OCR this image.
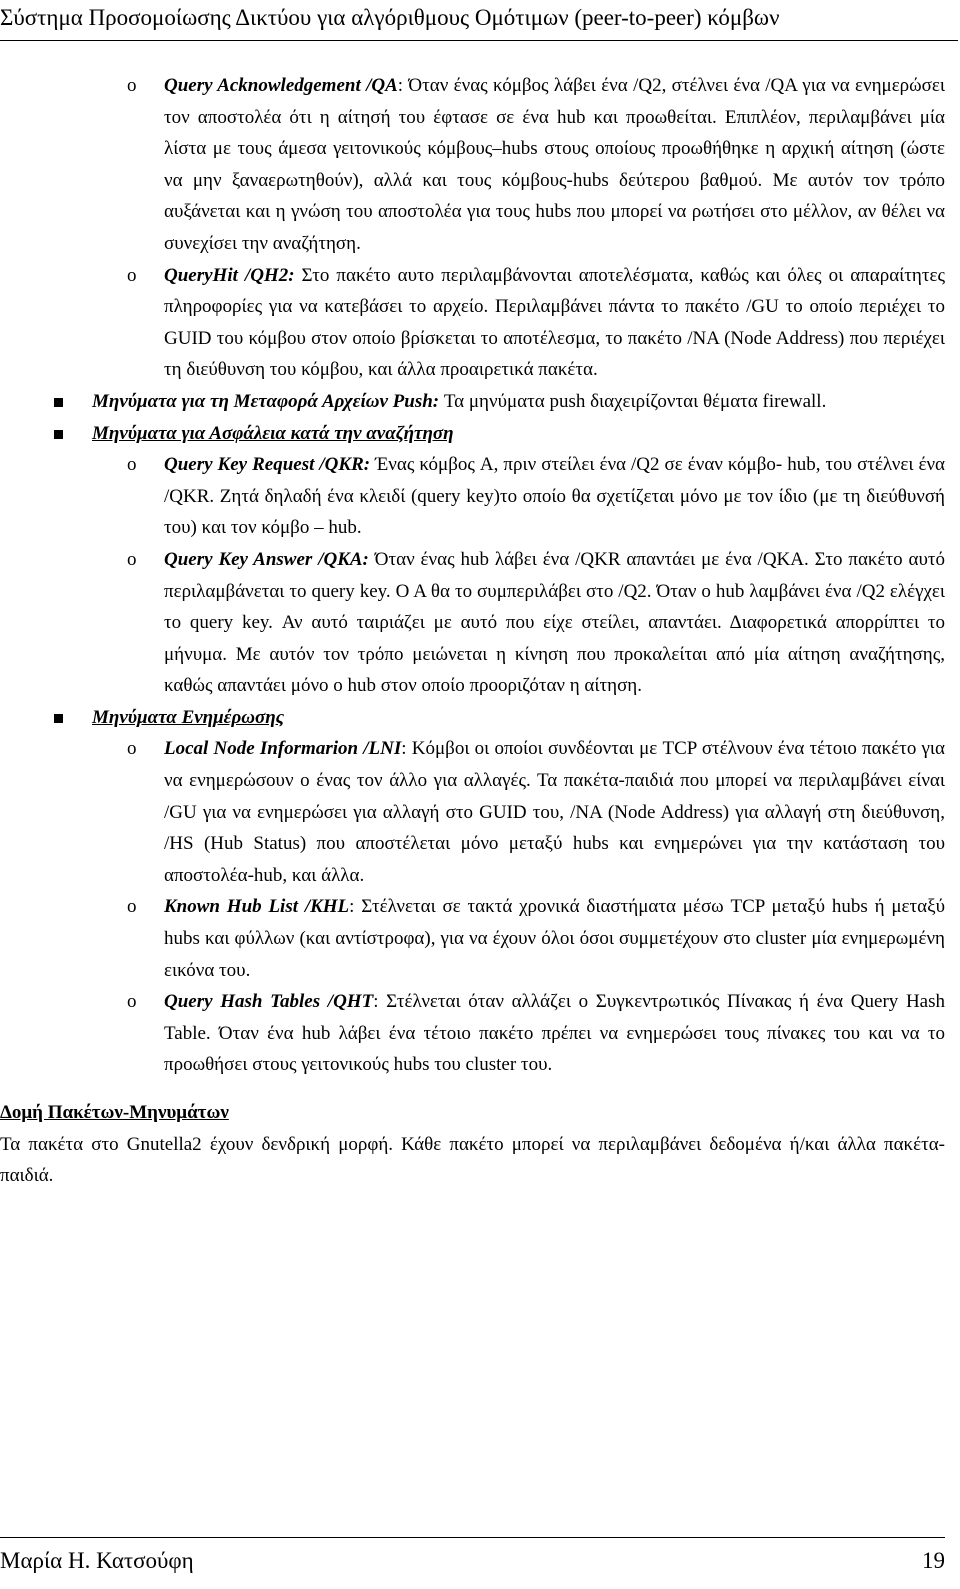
Σύστημα Προσομοίωσης Δικτύου για αλγόριθμους Ομότιμων (peer-to-peer) κόμβων
o	Query Acknowledgement /QA: Όταν ένας κόμβος λάβει ένα /Q2, στέλνει ένα /QA για να ενημερώσει τον αποστολέα ότι η αίτησή του έφτασε σε ένα hub και προωθείται. Επιπλέον, περιλαμβάνει μία λίστα με τους άμεσα γειτονικούς κόμβους–hubs στους οποίους προωθήθηκε η αρχική αίτηση (ώστε να μην ξαναερωτηθούν), αλλά και τους κόμβους-hubs δεύτερου βαθμού. Με αυτόν τον τρόπο αυξάνεται και η γνώση του αποστολέα για τους hubs που μπορεί να ρωτήσει στο μέλλον, αν θέλει να συνεχίσει την αναζήτηση.
o	QueryHit /QH2: Στο πακέτο αυτο περιλαμβάνονται αποτελέσματα, καθώς και όλες οι απαραίτητες πληροφορίες για να κατεβάσει το αρχείο. Περιλαμβάνει πάντα το πακέτο /GU το οποίο περιέχει το GUID του κόμβου στον οποίο βρίσκεται το αποτέλεσμα, το πακέτο /NA (Node Address) που περιέχει τη διεύθυνση του κόμβου, και άλλα προαιρετικά πακέτα.
Μηνύματα για τη Μεταφορά Αρχείων Push: Τα μηνύματα push διαχειρίζονται θέματα firewall.
Μηνύματα για Ασφάλεια κατά την αναζήτηση
o	Query Key Request /QKR: Ένας κόμβος A, πριν στείλει ένα /Q2 σε έναν κόμβο- hub, του στέλνει ένα /QKR. Ζητά δηλαδή ένα κλειδί (query key)το οποίο θα σχετίζεται μόνο με τον ίδιο (με τη διεύθυνσή του) και τον κόμβο – hub.
o	Query Key Answer /QKA: Όταν ένας hub λάβει ένα /QKR απαντάει με ένα /QKA. Στο πακέτο αυτό περιλαμβάνεται το query key. Ο Α θα το συμπεριλάβει στο /Q2. Όταν ο hub λαμβάνει ένα /Q2 ελέγχει το query key. Αν αυτό ταιριάζει με αυτό που είχε στείλει, απαντάει. Διαφορετικά απορρίπτει το μήνυμα. Με αυτόν τον τρόπο μειώνεται η κίνηση που προκαλείται από μία αίτηση αναζήτησης, καθώς απαντάει μόνο ο hub στον οποίο προοριζόταν η αίτηση.
Μηνύματα Ενημέρωσης
o	Local Node Informarion /LNI: Κόμβοι οι οποίοι συνδέονται με TCP στέλνουν ένα τέτοιο πακέτο για να ενημερώσουν ο ένας τον άλλο για αλλαγές. Τα πακέτα-παιδιά που μπορεί να περιλαμβάνει είναι /GU για να ενημερώσει για αλλαγή στο GUID του, /NA (Node Address) για αλλαγή στη διεύθυνση, /HS (Hub Status) που αποστέλεται μόνο μεταξύ hubs και ενημερώνει για την κατάσταση του αποστολέα-hub, και άλλα.
o	Known Hub List /KHL: Στέλνεται σε τακτά χρονικά διαστήματα μέσω TCP μεταξύ hubs ή μεταξύ hubs και φύλλων (και αντίστροφα), για να έχουν όλοι όσοι συμμετέχουν στο cluster μία ενημερωμένη εικόνα του.
o	Query Hash Tables /QHT: Στέλνεται όταν αλλάζει ο Συγκεντρωτικός Πίνακας ή ένα Query Hash Table. Όταν ένα hub λάβει ένα τέτοιο πακέτο πρέπει να ενημερώσει τους πίνακες του και να το προωθήσει στους γειτονικούς hubs του cluster του.
Δομή Πακέτων-Μηνυμάτων
Τα πακέτα στο Gnutella2 έχουν δενδρική μορφή. Κάθε πακέτο μπορεί να περιλαμβάνει δεδομένα ή/και άλλα πακέτα-παιδιά.
Μαρία Η. Κατσούφη	19
